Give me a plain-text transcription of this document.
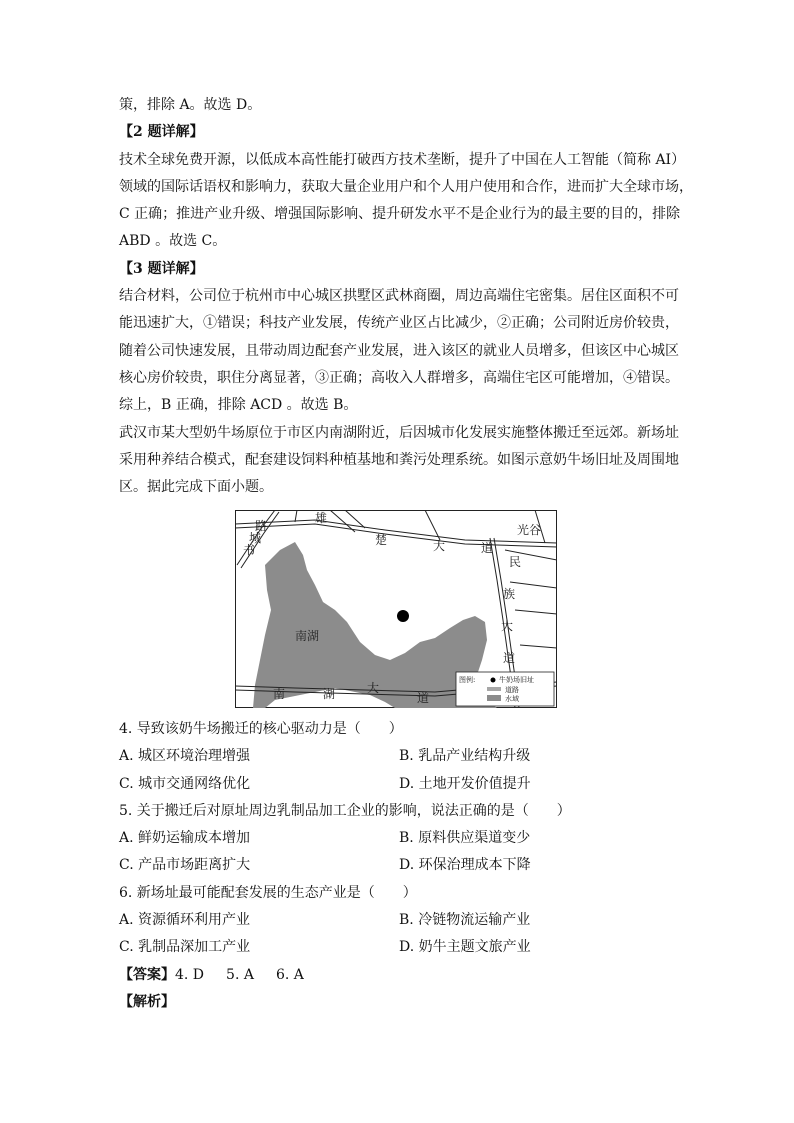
策，排除 A。故选 D。

【2 题详解】

技术全球免费开源，以低成本高性能打破西方技术垄断，提升了中国在人工智能（简称 AI）

领域的国际话语权和影响力，获取大量企业用户和个人用户使用和合作，进而扩大全球市场，

C 正确；推进产业升级、增强国际影响、提升研发水平不是企业行为的最主要的目的，排除

ABD 。故选 C。

【3 题详解】

结合材料，公司位于杭州市中心城区拱墅区武林商圈，周边高端住宅密集。居住区面积不可

能迅速扩大，①错误；科技产业发展，传统产业区占比减少，②正确；公司附近房价较贵，

随着公司快速发展，且带动周边配套产业发展，进入该区的就业人员增多，但该区中心城区

核心房价较贵，职住分离显著，③正确；高收入人群增多，高端住宅区可能增加，④错误。

综上，B 正确，排除 ACD 。故选 B。

武汉市某大型奶牛场原位于市区内南湖附近，后因城市化发展实施整体搬迁至远郊。新场址

采用种养结合模式，配套建设饲料种植基地和粪污处理系统。如图示意奶牛场旧址及周围地

区。据此完成下面小题。

南湖
雄
楚	大	道
民
族
大
道
南	湖	大
道
书
城
路	光谷
图例:	牛奶场旧址
道路
水域

4. 导致该奶牛场搬迁的核心驱动力是（　　）

A. 城区环境治理增强	B. 乳品产业结构升级
C. 城市交通网络优化	D. 土地开发价值提升

5. 关于搬迁后对原址周边乳制品加工企业的影响，说法正确的是（　　）

A. 鲜奶运输成本增加	B. 原料供应渠道变少
C. 产品市场距离扩大	D. 环保治理成本下降

6. 新场址最可能配套发展的生态产业是（　　）

A. 资源循环利用产业	B. 冷链物流运输产业
C. 乳制品深加工产业	D. 奶牛主题文旅产业

【答案】4. D 5. A 6. A

【解析】
